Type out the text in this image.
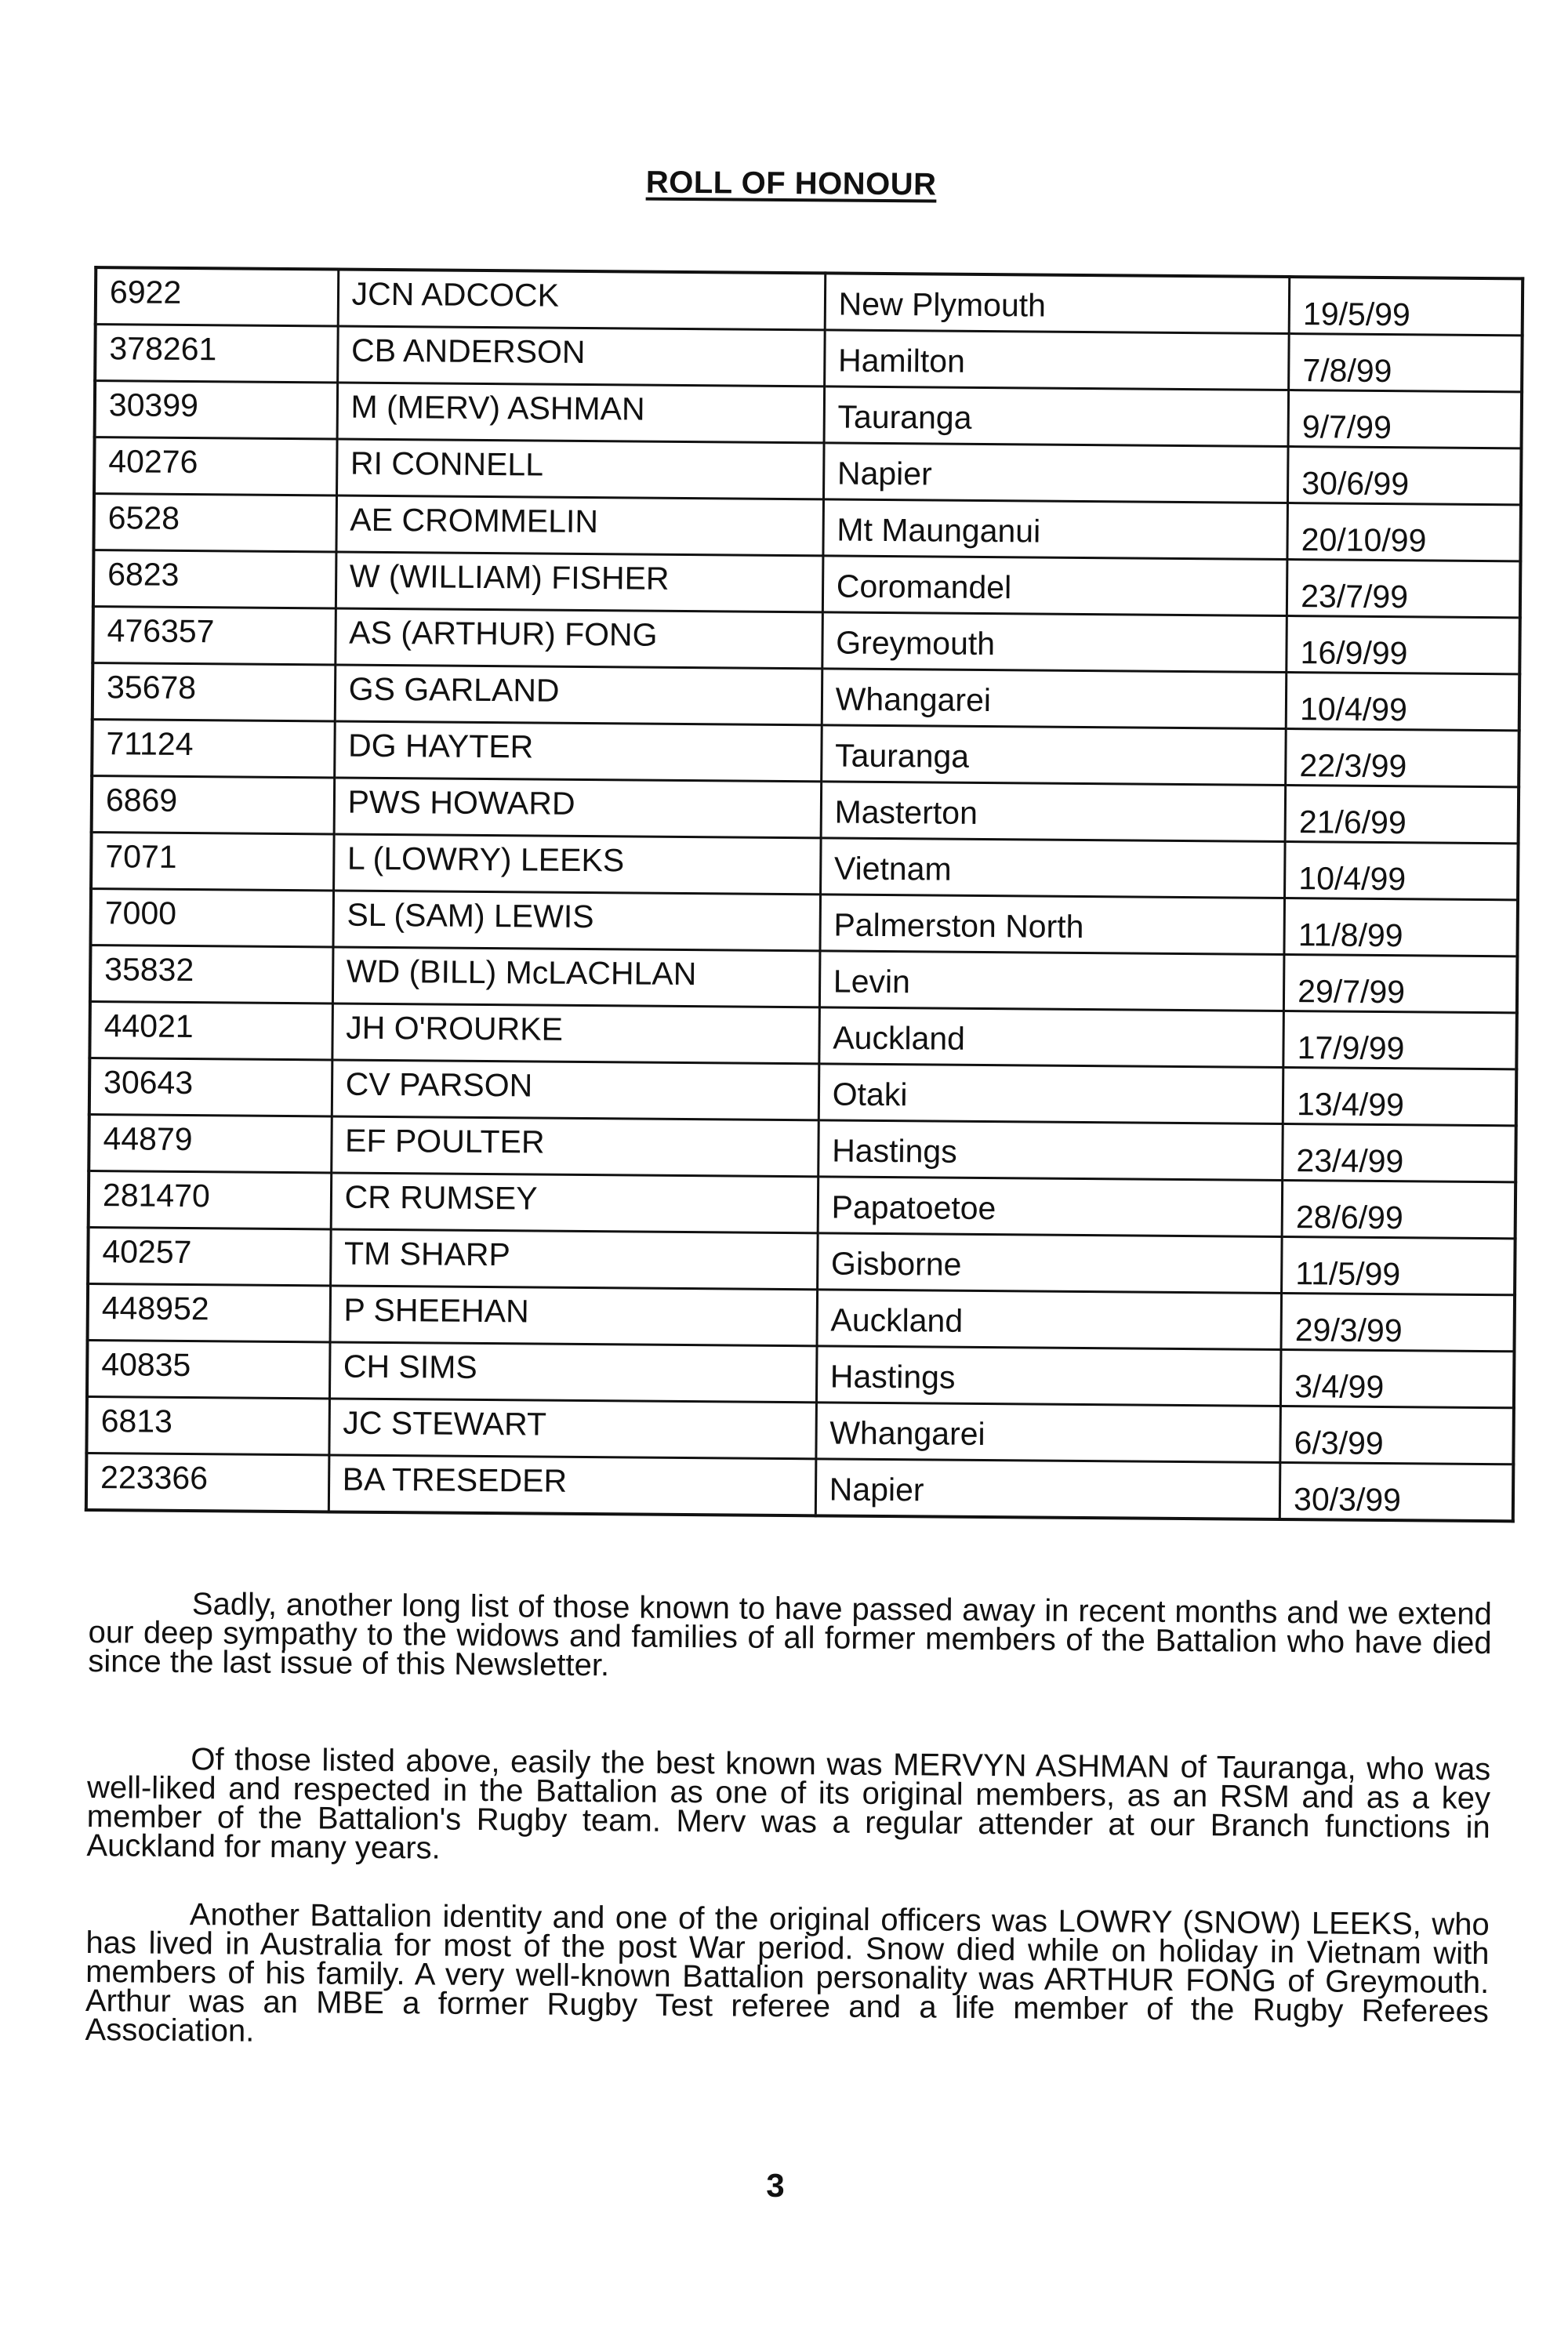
ROLL OF HONOUR
6922	JCN ADCOCK	New Plymouth	19/5/99
378261	CB ANDERSON	Hamilton	7/8/99
30399	M (MERV) ASHMAN	Tauranga	9/7/99
40276	RI CONNELL	Napier	30/6/99
6528	AE CROMMELIN	Mt Maunganui	20/10/99
6823	W (WILLIAM) FISHER	Coromandel	23/7/99
476357	AS (ARTHUR) FONG	Greymouth	16/9/99
35678	GS GARLAND	Whangarei	10/4/99
71124	DG HAYTER	Tauranga	22/3/99
6869	PWS HOWARD	Masterton	21/6/99
7071	L (LOWRY) LEEKS	Vietnam	10/4/99
7000	SL (SAM) LEWIS	Palmerston North	11/8/99
35832	WD (BILL) McLACHLAN	Levin	29/7/99
44021	JH O'ROURKE	Auckland	17/9/99
30643	CV PARSON	Otaki	13/4/99
44879	EF POULTER	Hastings	23/4/99
281470	CR RUMSEY	Papatoetoe	28/6/99
40257	TM SHARP	Gisborne	11/5/99
448952	P SHEEHAN	Auckland	29/3/99
40835	CH SIMS	Hastings	3/4/99
6813	JC STEWART	Whangarei	6/3/99
223366	BA TRESEDER	Napier	30/3/99

Sadly, another long list of those known to have passed away in recent months and we extend our deep sympathy to the widows and families of all former members of the Battalion who have died since the last issue of this Newsletter.

Of those listed above, easily the best known was MERVYN ASHMAN of Tauranga, who was well-liked and respected in the Battalion as one of its original members, as an RSM and as a key member of the Battalion's Rugby team. Merv was a regular attender at our Branch functions in Auckland for many years.

Another Battalion identity and one of the original officers was LOWRY (SNOW) LEEKS, who has lived in Australia for most of the post War period. Snow died while on holiday in Vietnam with members of his family. A very well-known Battalion personality was ARTHUR FONG of Greymouth. Arthur was an MBE a former Rugby Test referee and a life member of the Rugby Referees Association.

3
